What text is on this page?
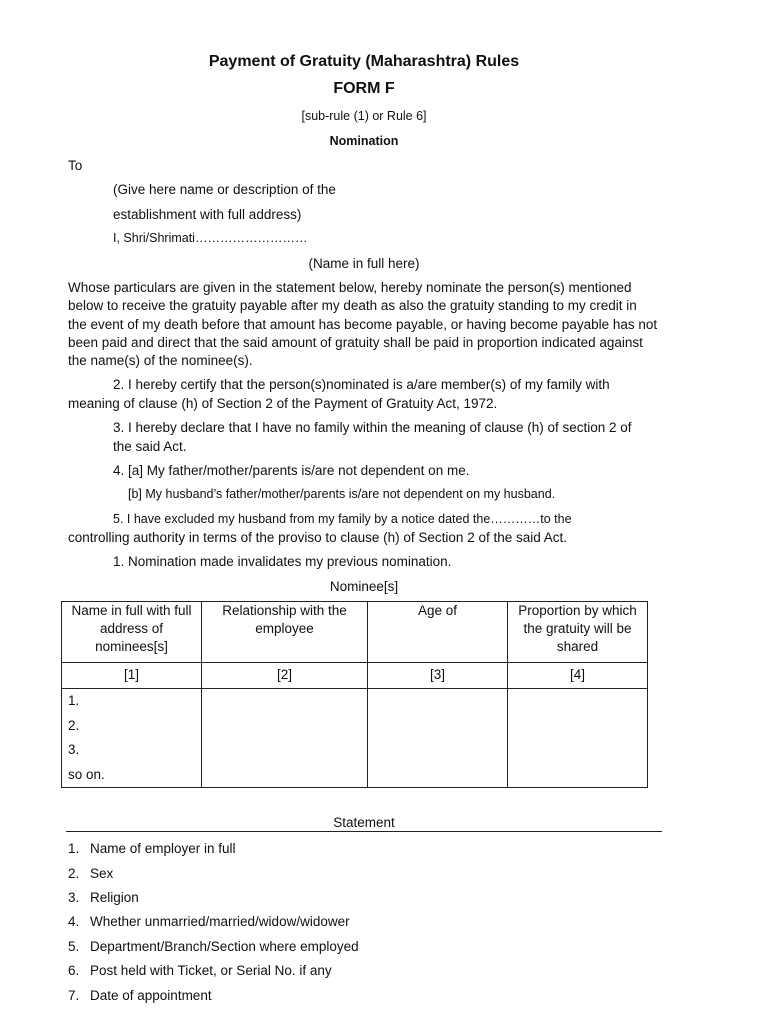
Payment of Gratuity (Maharashtra) Rules
FORM F
[sub-rule (1) or Rule 6]
Nomination
To
(Give here name or description of the
establishment with full address)
I, Shri/Shrimati………………………
(Name in full here)

Whose particulars are given in the statement below, hereby nominate the person(s) mentioned below to receive the gratuity payable after my death as also the gratuity standing to my credit in the event of my death before that amount has become payable, or having become payable has not been paid and direct that the said amount of gratuity shall be paid in proportion indicated against the name(s) of the nominee(s).

2. I hereby certify that the person(s)nominated is a/are member(s) of my family with
meaning of clause (h) of Section 2 of the Payment of Gratuity Act, 1972.
3. I hereby declare that I have no family within the meaning of clause (h) of section 2 of
the said Act.
4. [a] My father/mother/parents is/are not dependent on me.
[b] My husband’s father/mother/parents is/are not dependent on my husband.
5. I have excluded my husband from my family by a notice dated the…………to the
controlling authority in terms of the proviso to clause (h) of Section 2 of the said Act.
1. Nomination made invalidates my previous nomination.
Nominee[s]
Name in full with full address of nominees[s]	Relationship with the employee	Age of	Proportion by which the gratuity will be shared
[1]	[2]	[3]	[4]

1.
2.
3.
so on.			

Statement
1. Name of employer in full
2. Sex
3. Religion
4. Whether unmarried/married/widow/widower
5. Department/Branch/Section where employed
6. Post held with Ticket, or Serial No. if any
7. Date of appointment
